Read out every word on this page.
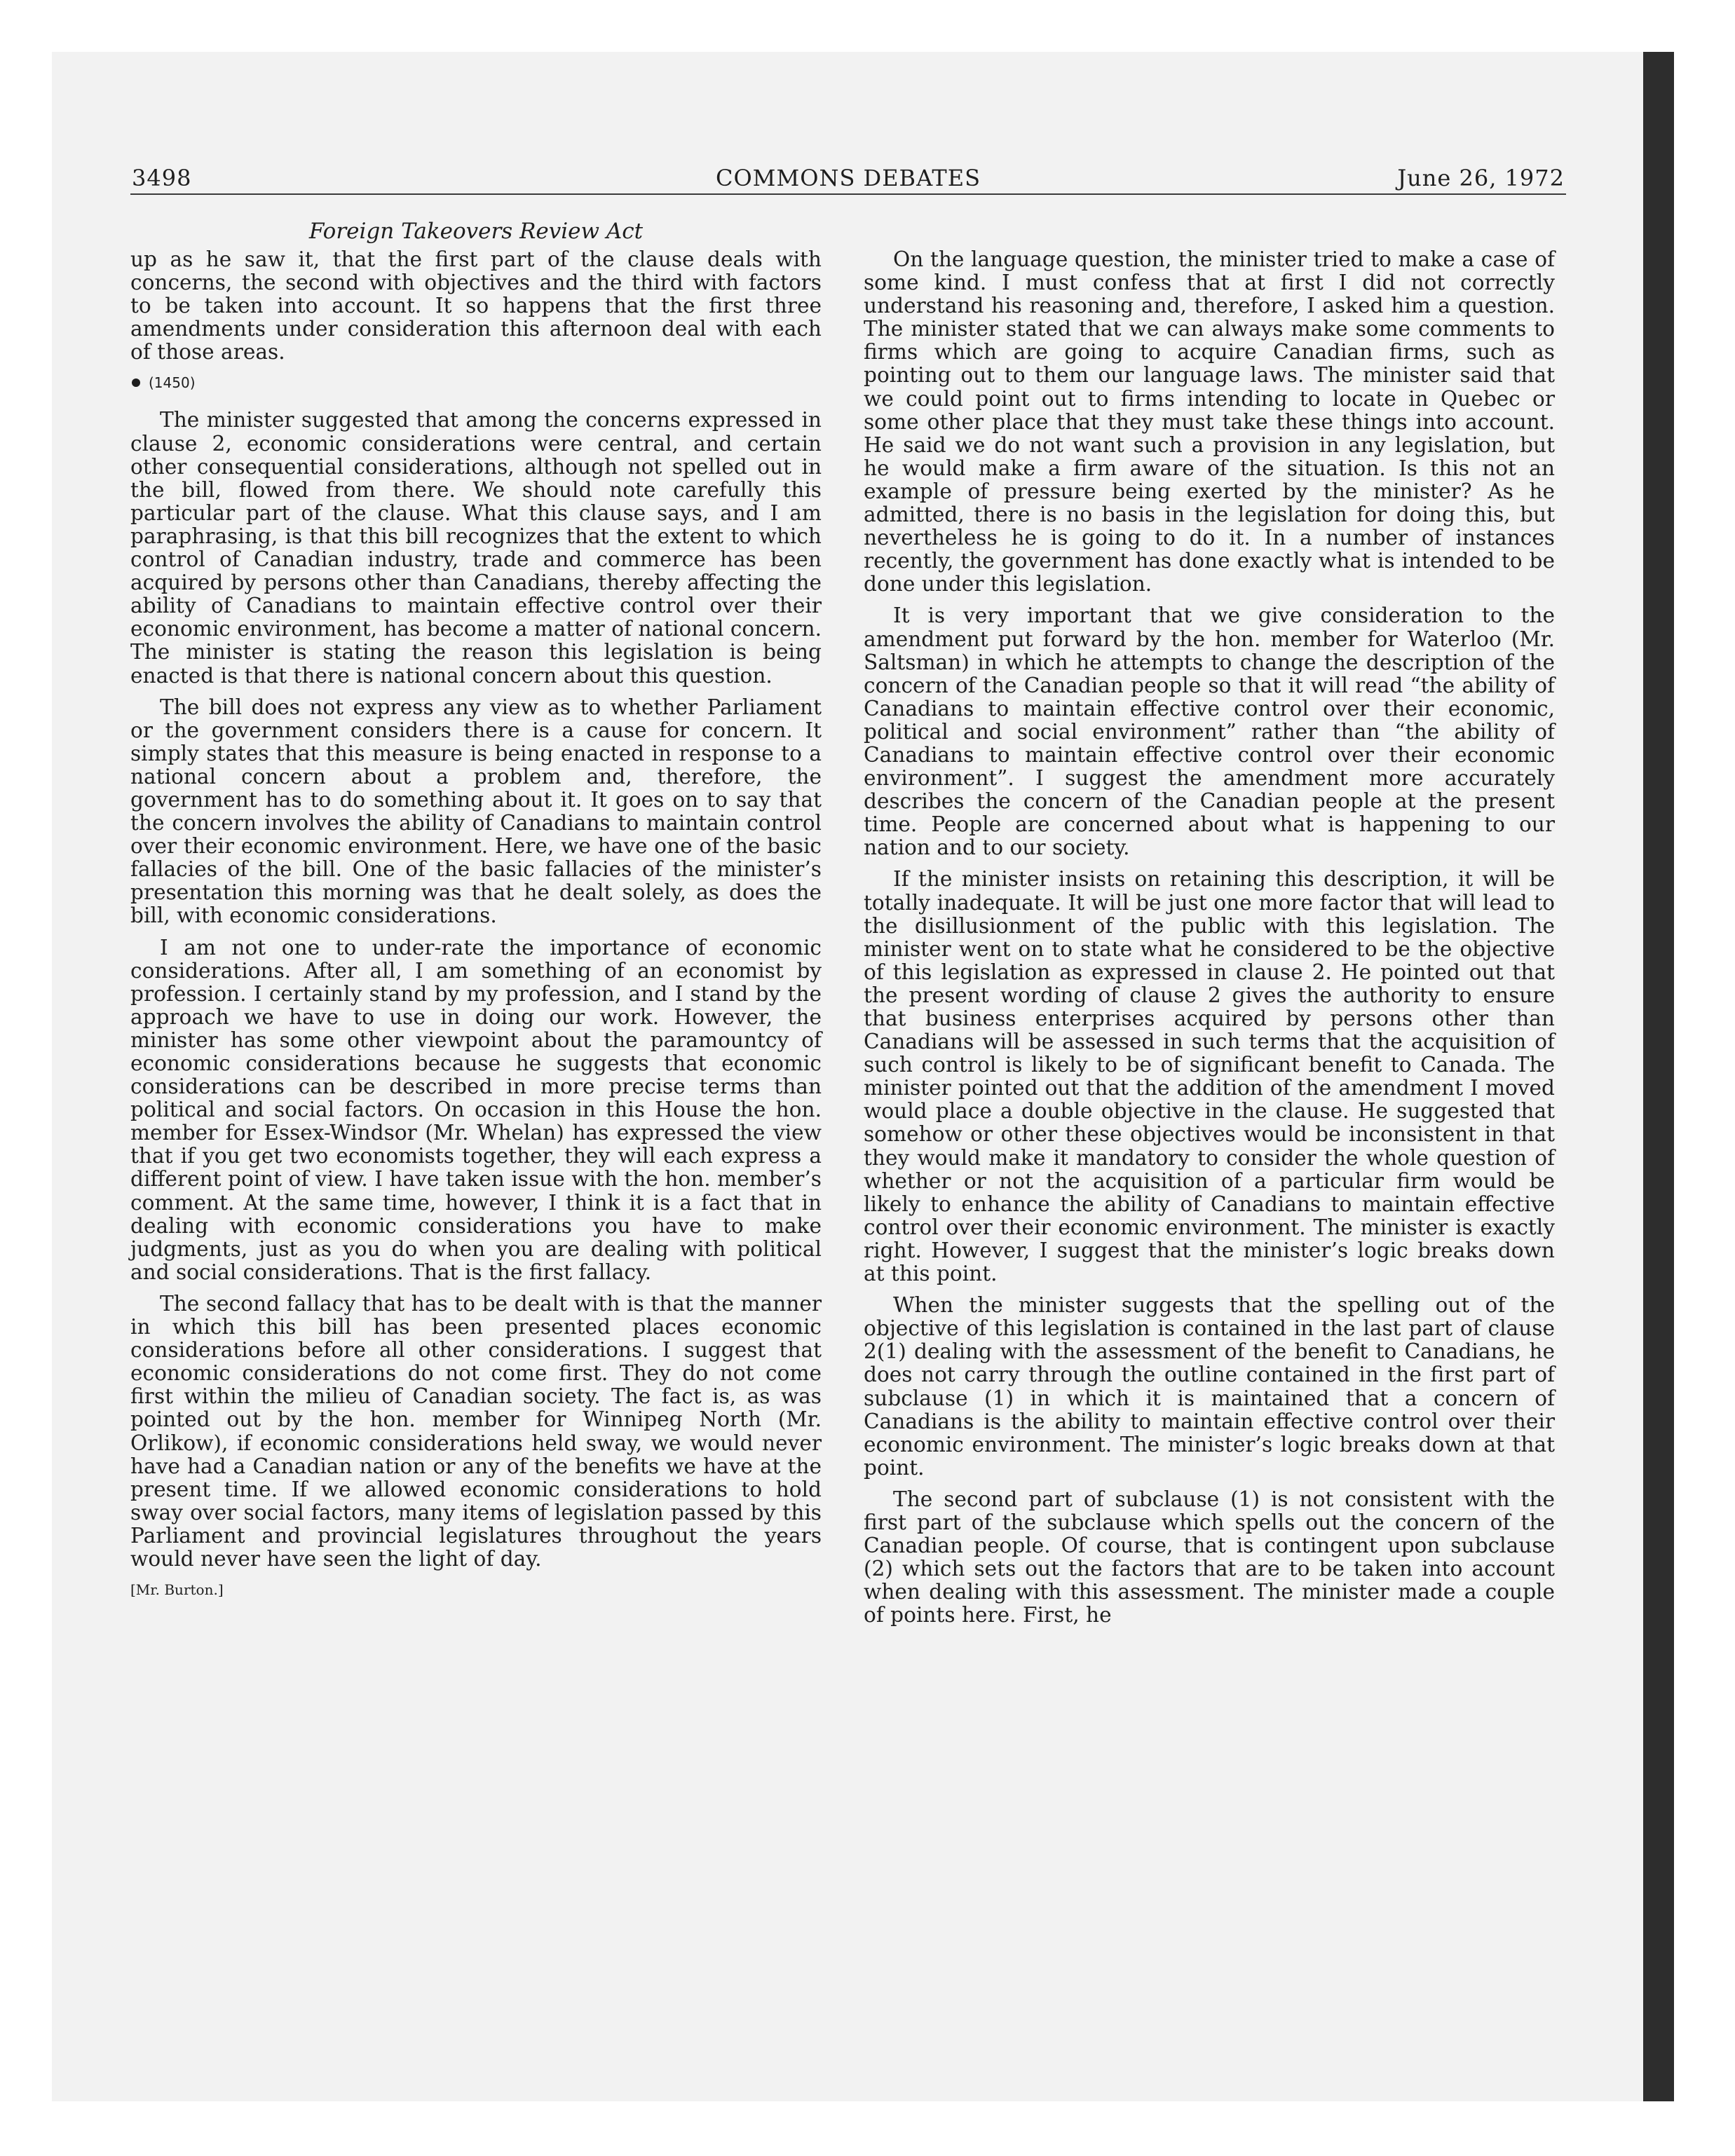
COMMONS DEBATES
3498	June 26, 1972
Foreign Takeovers Review Act

up as he saw it, that the first part of the clause deals with concerns, the second with objectives and the third with factors to be taken into account. It so happens that the first three amendments under consideration this afternoon deal with each of those areas.

(1450)

The minister suggested that among the concerns expressed in clause 2, economic considerations were central, and certain other consequential considerations, although not spelled out in the bill, flowed from there. We should note carefully this particular part of the clause. What this clause says, and I am paraphrasing, is that this bill recognizes that the extent to which control of Canadian industry, trade and commerce has been acquired by persons other than Canadians, thereby affecting the ability of Canadians to maintain effective control over their economic environment, has become a matter of national concern. The minister is stating the reason this legislation is being enacted is that there is national concern about this question.

The bill does not express any view as to whether Parliament or the government considers there is a cause for concern. It simply states that this measure is being enacted in response to a national concern about a problem and, therefore, the government has to do something about it. It goes on to say that the concern involves the ability of Canadians to maintain control over their economic environment. Here, we have one of the basic fallacies of the bill. One of the basic fallacies of the minister’s presentation this morning was that he dealt solely, as does the bill, with economic considerations.

I am not one to under-rate the importance of economic considerations. After all, I am something of an economist by profession. I certainly stand by my profession, and I stand by the approach we have to use in doing our work. However, the minister has some other viewpoint about the paramountcy of economic considerations because he suggests that economic considerations can be described in more precise terms than political and social factors. On occasion in this House the hon. member for Essex-Windsor (Mr. Whelan) has expressed the view that if you get two economists together, they will each express a different point of view. I have taken issue with the hon. member’s comment. At the same time, however, I think it is a fact that in dealing with economic considerations you have to make judgments, just as you do when you are dealing with political and social considerations. That is the first fallacy.

The second fallacy that has to be dealt with is that the manner in which this bill has been presented places economic considerations before all other considerations. I suggest that economic considerations do not come first. They do not come first within the milieu of Canadian society. The fact is, as was pointed out by the hon. member for Winnipeg North (Mr. Orlikow), if economic considerations held sway, we would never have had a Canadian nation or any of the benefits we have at the present time. If we allowed economic considerations to hold sway over social factors, many items of legislation passed by this Parliament and provincial legislatures throughout the years would never have seen the light of day.

[Mr. Burton.]

On the language question, the minister tried to make a case of some kind. I must confess that at first I did not correctly understand his reasoning and, therefore, I asked him a question. The minister stated that we can always make some comments to firms which are going to acquire Canadian firms, such as pointing out to them our language laws. The minister said that we could point out to firms intending to locate in Quebec or some other place that they must take these things into account. He said we do not want such a provision in any legislation, but he would make a firm aware of the situation. Is this not an example of pressure being exerted by the minister? As he admitted, there is no basis in the legislation for doing this, but nevertheless he is going to do it. In a number of instances recently, the government has done exactly what is intended to be done under this legislation.

It is very important that we give consideration to the amendment put forward by the hon. member for Waterloo (Mr. Saltsman) in which he attempts to change the description of the concern of the Canadian people so that it will read “the ability of Canadians to maintain effective control over their economic, political and social environment” rather than “the ability of Canadians to maintain effective control over their economic environment”. I suggest the amendment more accurately describes the concern of the Canadian people at the present time. People are concerned about what is happening to our nation and to our society.

If the minister insists on retaining this description, it will be totally inadequate. It will be just one more factor that will lead to the disillusionment of the public with this legislation. The minister went on to state what he considered to be the objective of this legislation as expressed in clause 2. He pointed out that the present wording of clause 2 gives the authority to ensure that business enterprises acquired by persons other than Canadians will be assessed in such terms that the acquisition of such control is likely to be of significant benefit to Canada. The minister pointed out that the addition of the amendment I moved would place a double objective in the clause. He suggested that somehow or other these objectives would be inconsistent in that they would make it mandatory to consider the whole question of whether or not the acquisition of a particular firm would be likely to enhance the ability of Canadians to maintain effective control over their economic environment. The minister is exactly right. However, I suggest that the minister’s logic breaks down at this point.

When the minister suggests that the spelling out of the objective of this legislation is contained in the last part of clause 2(1) dealing with the assessment of the benefit to Canadians, he does not carry through the outline contained in the first part of subclause (1) in which it is maintained that a concern of Canadians is the ability to maintain effective control over their economic environment. The minister’s logic breaks down at that point.

The second part of subclause (1) is not consistent with the first part of the subclause which spells out the concern of the Canadian people. Of course, that is contingent upon subclause (2) which sets out the factors that are to be taken into account when dealing with this assessment. The minister made a couple of points here. First, he
